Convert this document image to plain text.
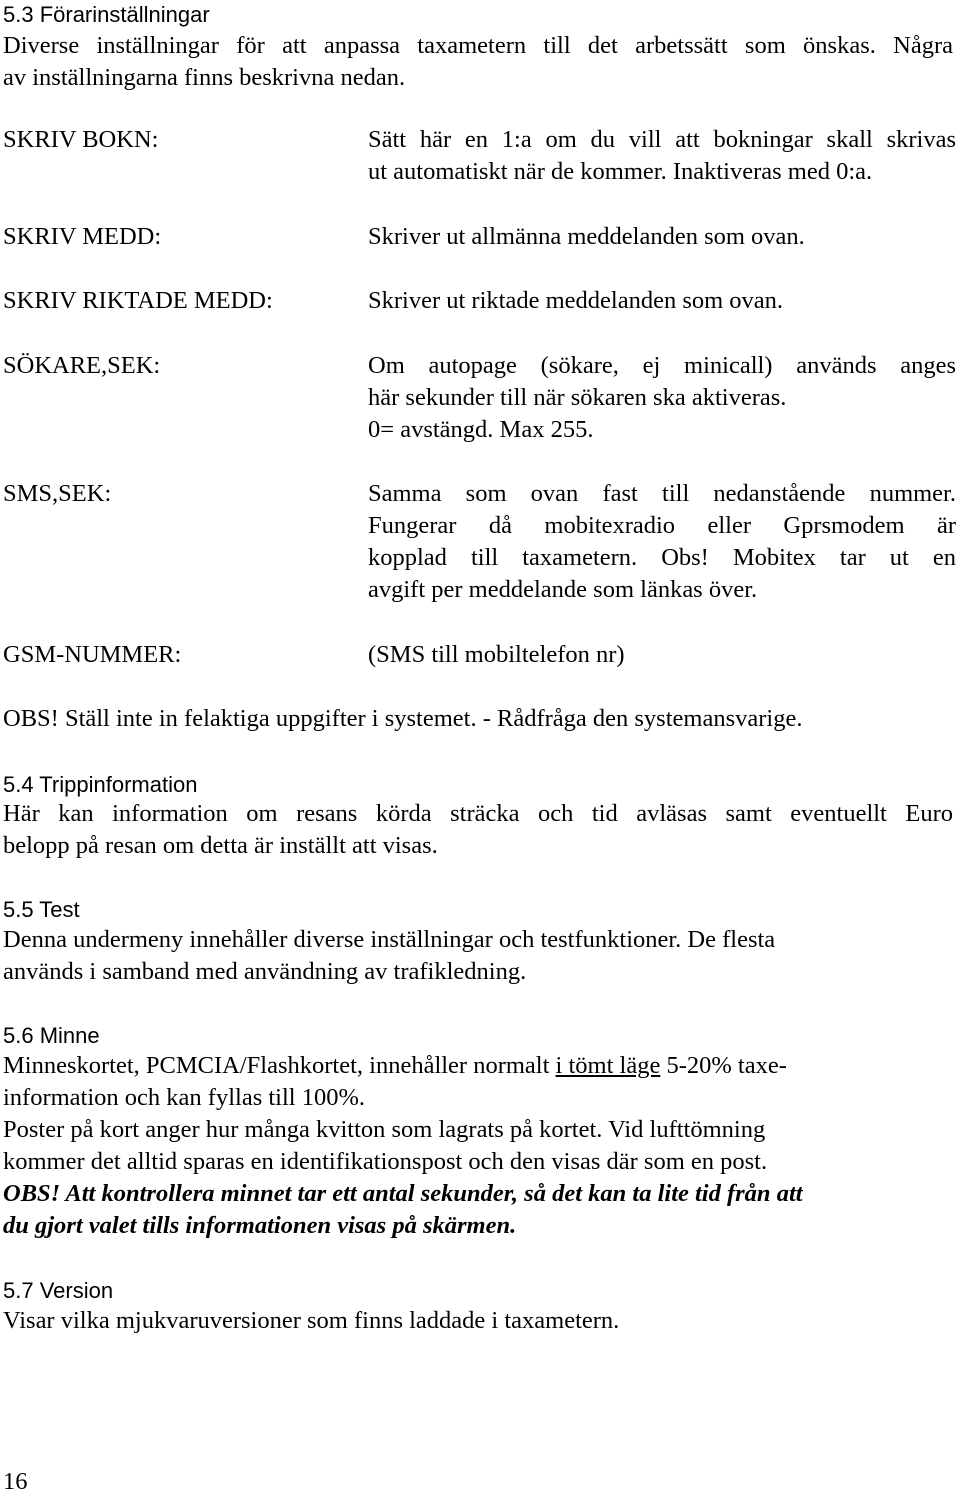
5.3 Förarinställningar
Diverse inställningar för att anpassa taxametern till det arbetssätt som önskas. Några
av inställningarna finns beskrivna nedan.
SKRIV BOKN:	Sätt här en 1:a om du vill att bokningar skall skrivas
ut automatiskt när de kommer. Inaktiveras med 0:a.
SKRIV MEDD:	Skriver ut allmänna meddelanden som ovan.
SKRIV RIKTADE MEDD:	Skriver ut riktade meddelanden som ovan.
SÖKARE,SEK:	Om autopage (sökare, ej minicall) används anges
här sekunder till när sökaren ska aktiveras.
0= avstängd. Max 255.
SMS,SEK:	Samma som ovan fast till nedanstående nummer.
Fungerar då mobitexradio eller Gprsmodem är
kopplad till taxametern. Obs! Mobitex tar ut en
avgift per meddelande som länkas över.
GSM-NUMMER:	(SMS till mobiltelefon nr)
OBS! Ställ inte in felaktiga uppgifter i systemet. - Rådfråga den systemansvarige.
5.4 Trippinformation
Här kan information om resans körda sträcka och tid avläsas samt eventuellt Euro
belopp på resan om detta är inställt att visas.
5.5 Test
Denna undermeny innehåller diverse inställningar och testfunktioner. De flesta
används i samband med användning av trafikledning.
5.6 Minne
Minneskortet, PCMCIA/Flashkortet, innehåller normalt i tömt läge 5-20% taxe-
information och kan fyllas till 100%.
Poster på kort anger hur många kvitton som lagrats på kortet. Vid lufttömning
kommer det alltid sparas en identifikationspost och den visas där som en post.
OBS! Att kontrollera minnet tar ett antal sekunder, så det kan ta lite tid från att
du gjort valet tills informationen visas på skärmen.
5.7 Version
Visar vilka mjukvaruversioner som finns laddade i taxametern.
16
